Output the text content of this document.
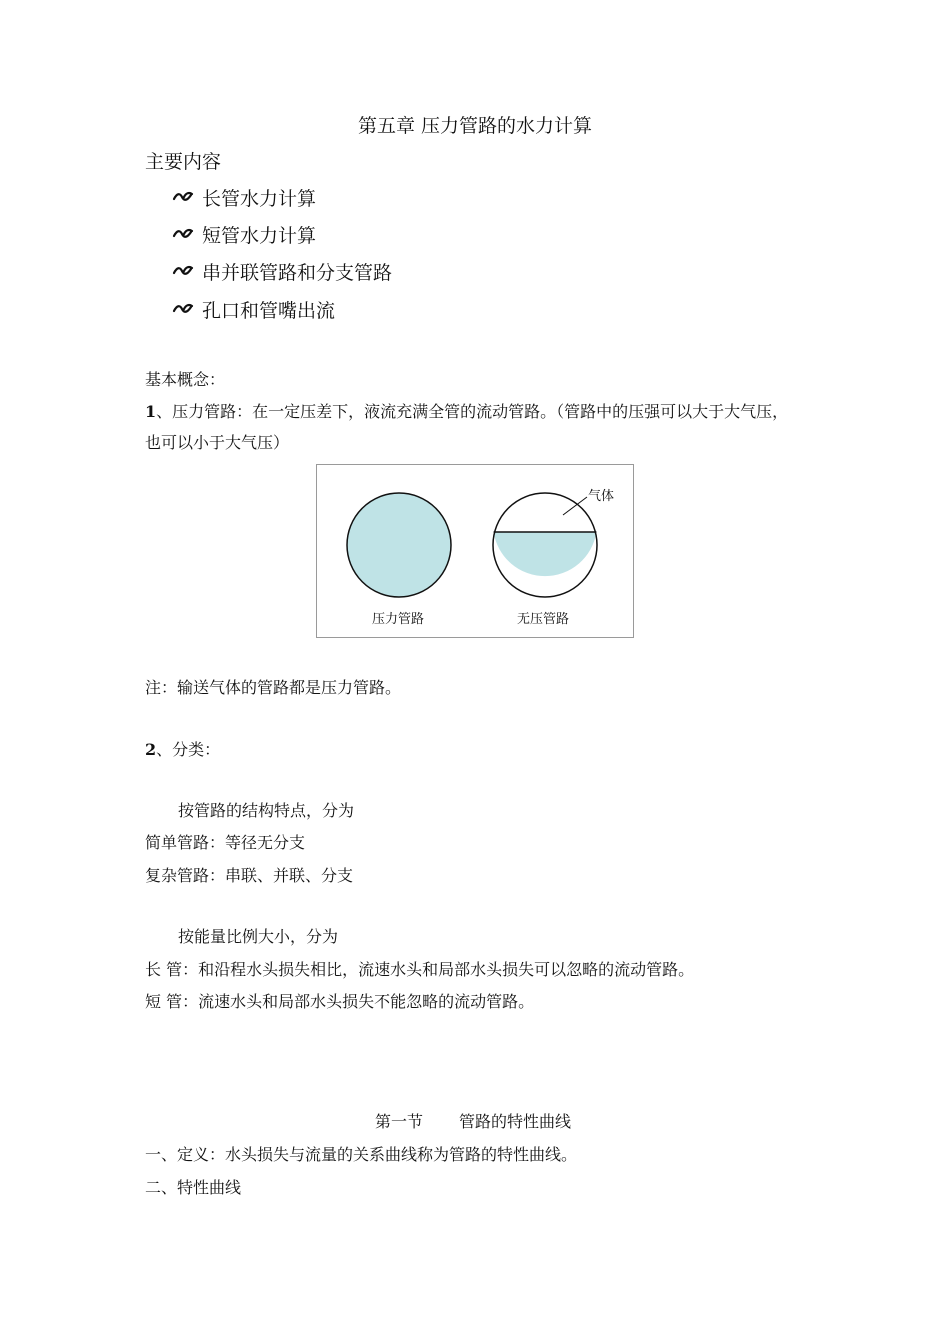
第五章 压力管路的水力计算
主要内容
长管水力计算
短管水力计算
串并联管路和分支管路
孔口和管嘴出流
基本概念：
1、压力管路：在一定压差下，液流充满全管的流动管路。（管路中的压强可以大于大气压，
也可以小于大气压）
气体
压力管路	无压管路
注：输送气体的管路都是压力管路。
2、分类：
按管路的结构特点，分为
简单管路：等径无分支
复杂管路：串联、并联、分支
按能量比例大小，分为
长 管：和沿程水头损失相比，流速水头和局部水头损失可以忽略的流动管路。
短 管：流速水头和局部水头损失不能忽略的流动管路。
第一节 管路的特性曲线
一、定义：水头损失与流量的关系曲线称为管路的特性曲线。
二、特性曲线
